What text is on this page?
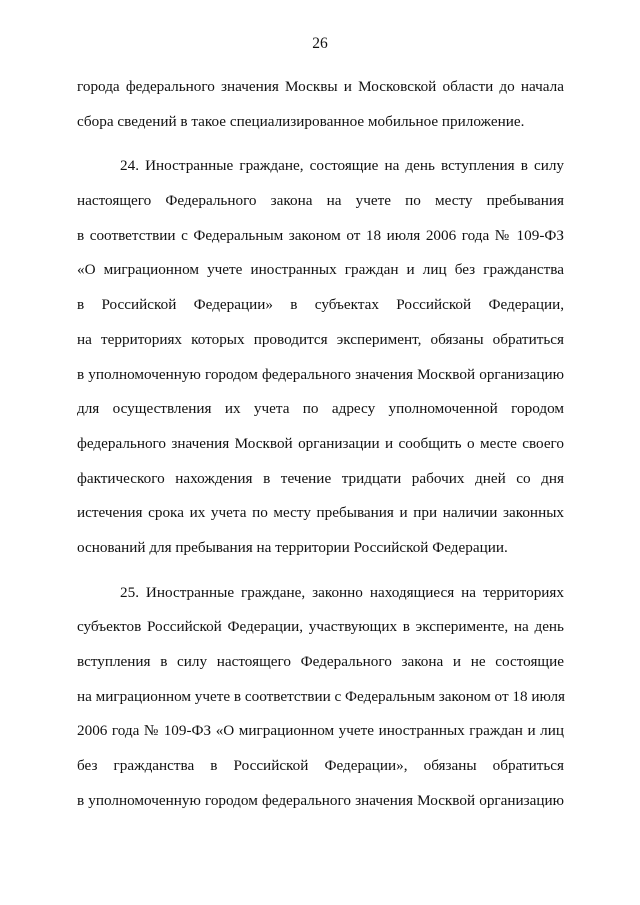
26
города федерального значения Москвы и Московской области до начала
сбора сведений в такое специализированное мобильное приложение.
24. Иностранные граждане, состоящие на день вступления в силу
настоящего Федерального закона на учете по месту пребывания
в соответствии с Федеральным законом от 18 июля 2006 года № 109-ФЗ
«О миграционном учете иностранных граждан и лиц без гражданства
в Российской Федерации» в субъектах Российской Федерации,
на территориях которых проводится эксперимент, обязаны обратиться
в уполномоченную городом федерального значения Москвой организацию
для осуществления их учета по адресу уполномоченной городом
федерального значения Москвой организации и сообщить о месте своего
фактического нахождения в течение тридцати рабочих дней со дня
истечения срока их учета по месту пребывания и при наличии законных
оснований для пребывания на территории Российской Федерации.
25. Иностранные граждане, законно находящиеся на территориях
субъектов Российской Федерации, участвующих в эксперименте, на день
вступления в силу настоящего Федерального закона и не состоящие
на миграционном учете в соответствии с Федеральным законом от 18 июля
2006 года № 109-ФЗ «О миграционном учете иностранных граждан и лиц
без гражданства в Российской Федерации», обязаны обратиться
в уполномоченную городом федерального значения Москвой организацию
